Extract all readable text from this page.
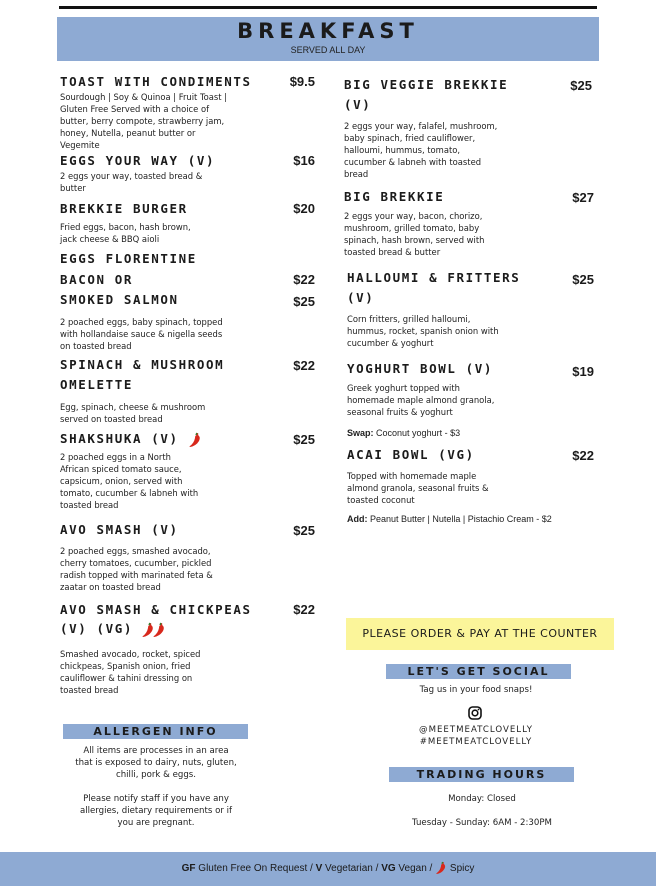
BREAKFAST
SERVED ALL DAY
TOAST WITH CONDIMENTS	$9.5
Sourdough | Soy & Quinoa | Fruit Toast |
Gluten Free Served with a choice of
butter, berry compote, strawberry jam,
honey, Nutella, peanut butter or
Vegemite
EGGS YOUR WAY (V)	$16
2 eggs your way, toasted bread &
butter
BREKKIE BURGER	$20
Fried eggs, bacon, hash brown,
jack cheese & BBQ aioli
EGGS FLORENTINE
BACON OR	$22
SMOKED SALMON	$25
2 poached eggs, baby spinach, topped
with hollandaise sauce & nigella seeds
on toasted bread
SPINACH & MUSHROOM
OMELETTE
$22
Egg, spinach, cheese & mushroom
served on toasted bread
SHAKSHUKA (V)	$25
2 poached eggs in a North
African spiced tomato sauce,
capsicum, onion, served with
tomato, cucumber & labneh with
toasted bread
AVO SMASH (V)	$25
2 poached eggs, smashed avocado,
cherry tomatoes, cucumber, pickled
radish topped with marinated feta &
zaatar on toasted bread
AVO SMASH & CHICKPEAS	$22
(V) (VG)
Smashed avocado, rocket, spiced
chickpeas, Spanish onion, fried
cauliflower & tahini dressing on
toasted bread
ALLERGEN INFO
All items are processes in an area
that is exposed to dairy, nuts, gluten,
chilli, pork & eggs.
Please notify staff if you have any
allergies, dietary requirements or if
you are pregnant.
BIG VEGGIE BREKKIE
(V)
$25
2 eggs your way, falafel, mushroom,
baby spinach, fried cauliflower,
halloumi, hummus, tomato,
cucumber & labneh with toasted
bread
BIG BREKKIE	$27
2 eggs your way, bacon, chorizo,
mushroom, grilled tomato, baby
spinach, hash brown, served with
toasted bread & butter
HALLOUMI & FRITTERS
(V)
$25
Corn fritters, grilled halloumi,
hummus, rocket, spanish onion with
cucumber & yoghurt
YOGHURT BOWL (V)	$19
Greek yoghurt topped with
homemade maple almond granola,
seasonal fruits & yoghurt
Swap: Coconut yoghurt - $3
ACAI BOWL (VG)	$22
Topped with homemade maple
almond granola, seasonal fruits &
toasted coconut
Add: Peanut Butter | Nutella | Pistachio Cream - $2
PLEASE ORDER & PAY AT THE COUNTER
LET'S GET SOCIAL
Tag us in your food snaps!
@MEETMEATCLOVELLY
#MEETMEATCLOVELLY
TRADING HOURS
Monday: Closed
Tuesday - Sunday: 6AM - 2:30PM
GF Gluten Free On Request / V Vegetarian / VG Vegan /  Spicy
